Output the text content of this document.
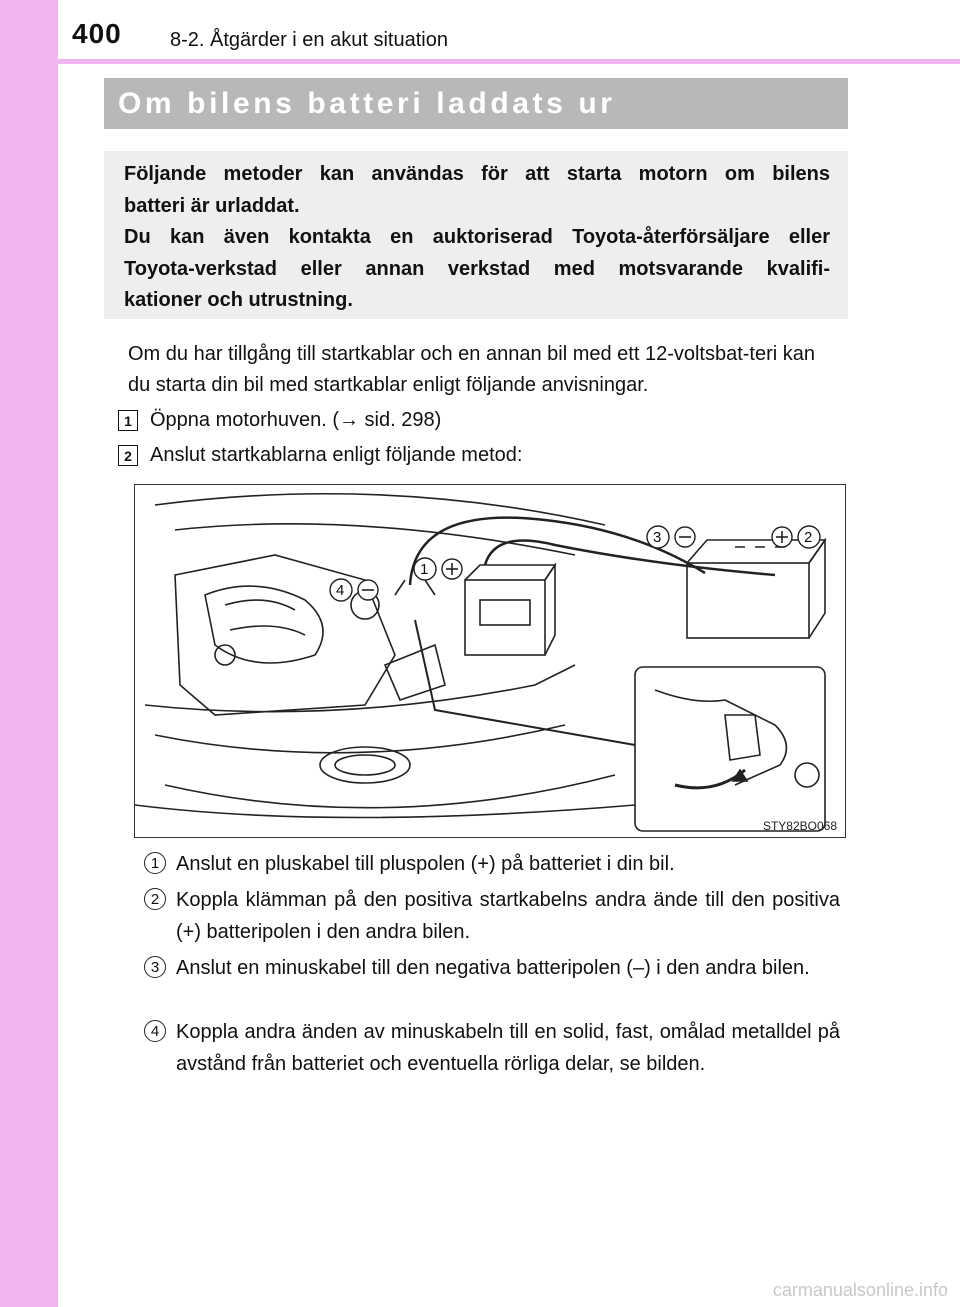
400 8-2. Åtgärder i en akut situation
Om bilens batteri laddats ur

Följande metoder kan användas för att starta motorn om bilens

batteri är urladdat.

Du kan även kontakta en auktoriserad Toyota-återförsäljare eller

Toyota-verkstad eller annan verkstad med motsvarande kvalifi-

kationer och utrustning.

Om du har tillgång till startkablar och en annan bil med ett 12-voltsbat-teri kan du starta din bil med startkablar enligt följande anvisningar.

1 Öppna motorhuven. (→ sid. 298)
2 Anslut startkablarna enligt följande metod:
4
1
3	2
STY82BO068
1 Anslut en pluskabel till pluspolen (+) på batteriet i din bil.
2 Koppla klämman på den positiva startkabelns andra ände till den positiva (+) batteripolen i den andra bilen.
3 Anslut en minuskabel till den negativa batteripolen (–) i den andra bilen.
4 Koppla andra änden av minuskabeln till en solid, fast, omålad metalldel på avstånd från batteriet och eventuella rörliga delar, se bilden.
carmanualsonline.info
